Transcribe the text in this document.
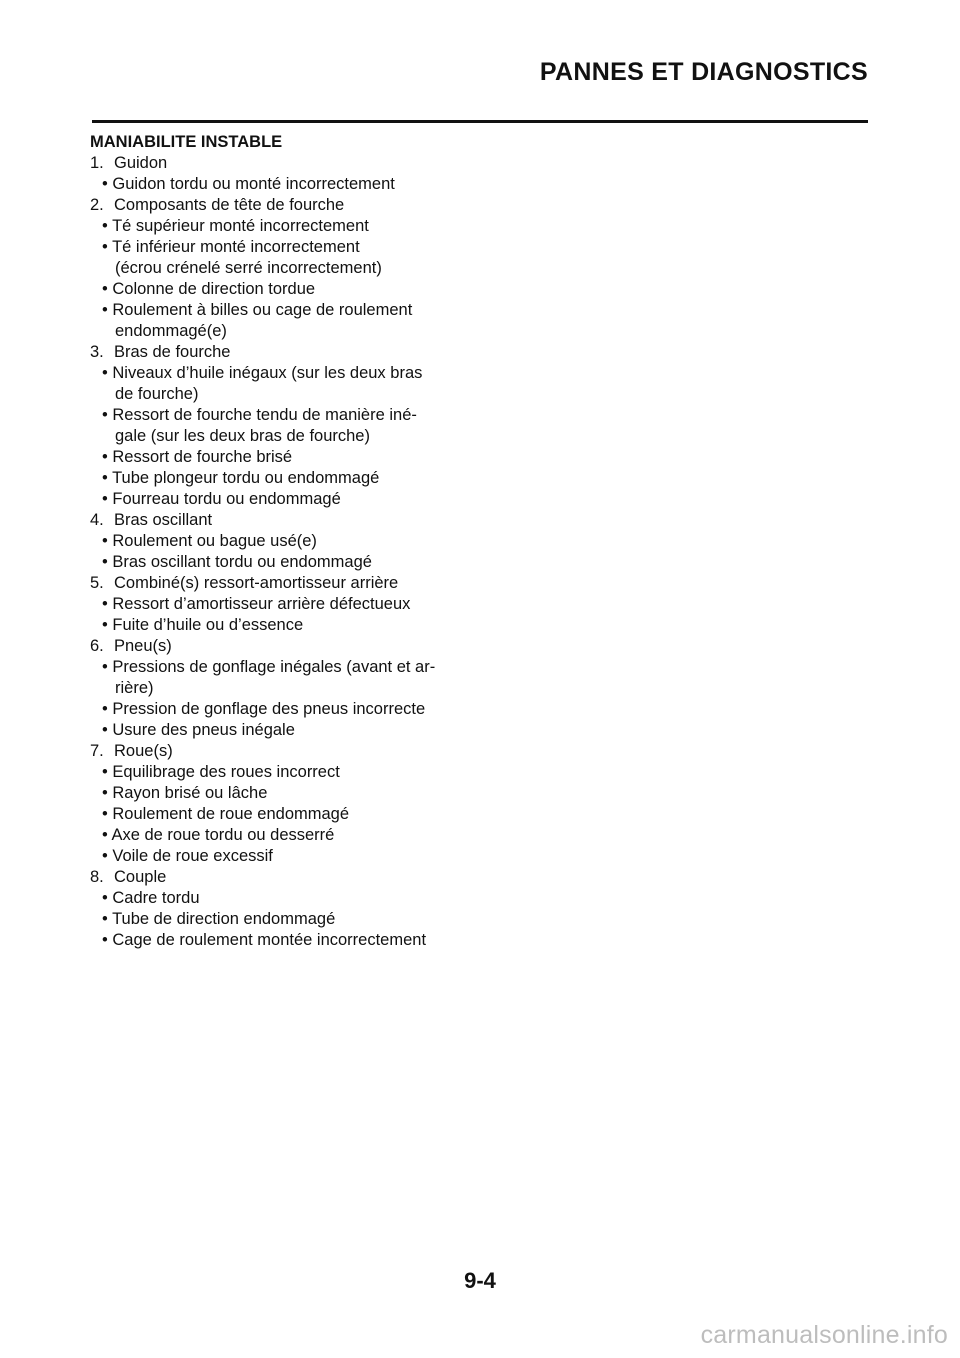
PANNES ET DIAGNOSTICS
MANIABILITE INSTABLE
1. Guidon
• Guidon tordu ou monté incorrectement
2. Composants de tête de fourche
• Té supérieur monté incorrectement
• Té inférieur monté incorrectement
(écrou crénelé serré incorrectement)
• Colonne de direction tordue
• Roulement à billes ou cage de roulement
endommagé(e)
3. Bras de fourche
• Niveaux d’huile inégaux (sur les deux bras
de fourche)
• Ressort de fourche tendu de manière iné-
gale (sur les deux bras de fourche)
• Ressort de fourche brisé
• Tube plongeur tordu ou endommagé
• Fourreau tordu ou endommagé
4. Bras oscillant
• Roulement ou bague usé(e)
• Bras oscillant tordu ou endommagé
5. Combiné(s) ressort-amortisseur arrière
• Ressort d’amortisseur arrière défectueux
• Fuite d’huile ou d’essence
6. Pneu(s)
• Pressions de gonflage inégales (avant et ar-
rière)
• Pression de gonflage des pneus incorrecte
• Usure des pneus inégale
7. Roue(s)
• Equilibrage des roues incorrect
• Rayon brisé ou lâche
• Roulement de roue endommagé
• Axe de roue tordu ou desserré
• Voile de roue excessif
8. Couple
• Cadre tordu
• Tube de direction endommagé
• Cage de roulement montée incorrectement
9-4
carmanualsonline.info
